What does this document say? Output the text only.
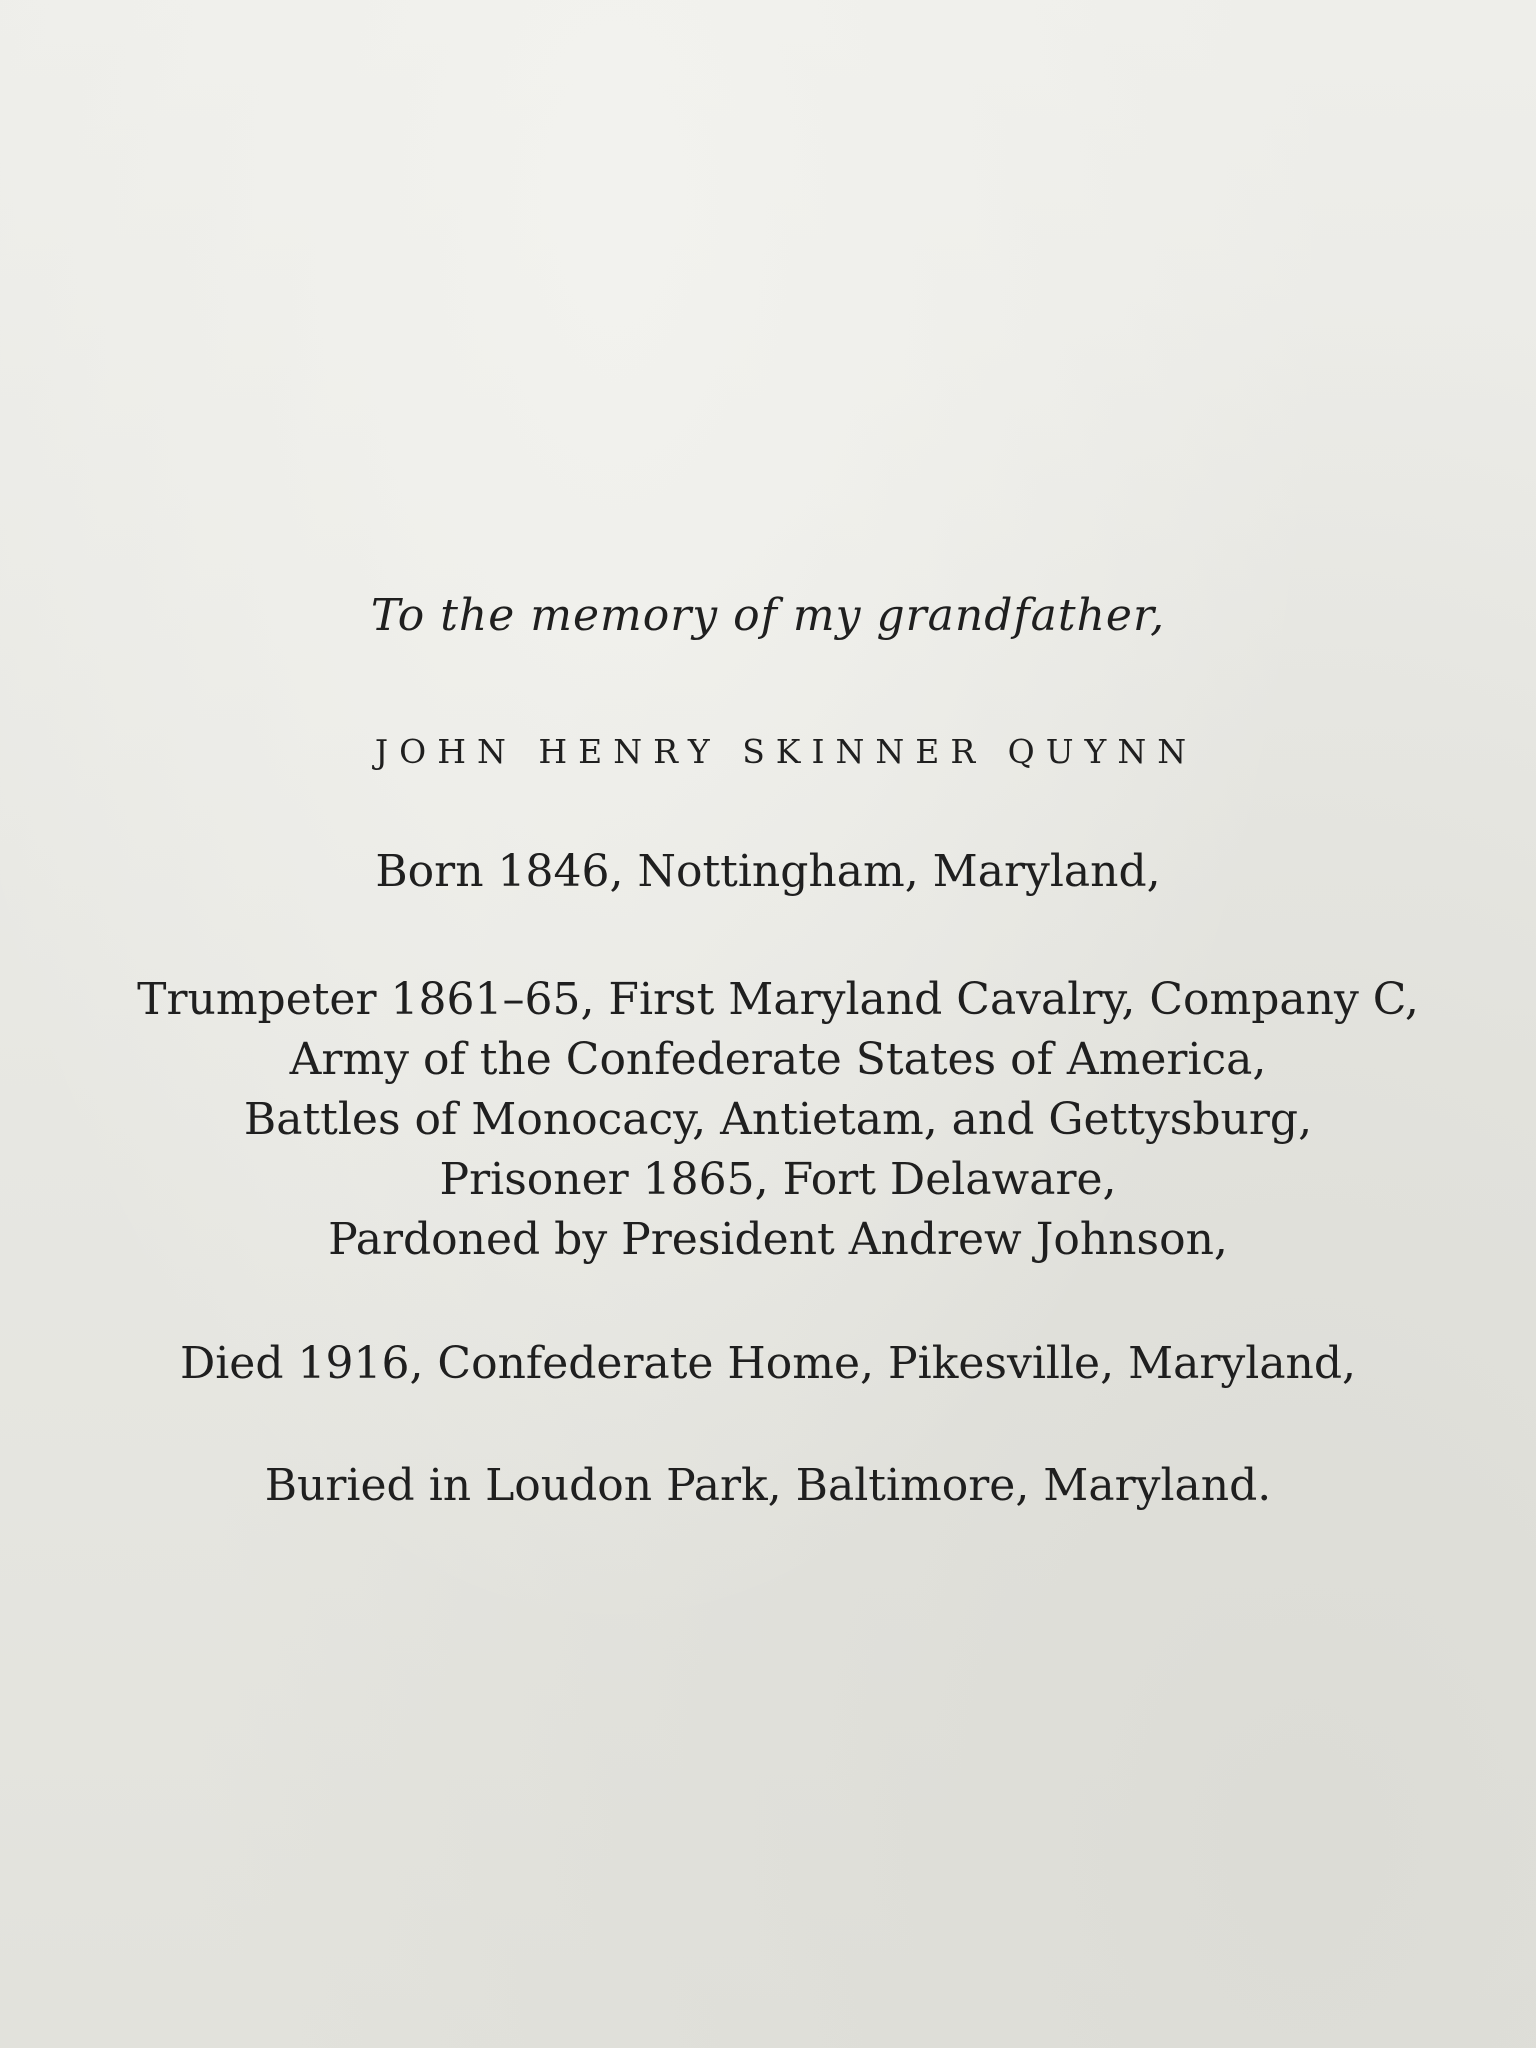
To the memory of my grandfather,
JOHN HENRY SKINNER QUYNN
Born 1846, Nottingham, Maryland,
Trumpeter 1861–65, First Maryland Cavalry, Company C,
Army of the Confederate States of America,
Battles of Monocacy, Antietam, and Gettysburg,
Prisoner 1865, Fort Delaware,
Pardoned by President Andrew Johnson,
Died 1916, Confederate Home, Pikesville, Maryland,
Buried in Loudon Park, Baltimore, Maryland.
